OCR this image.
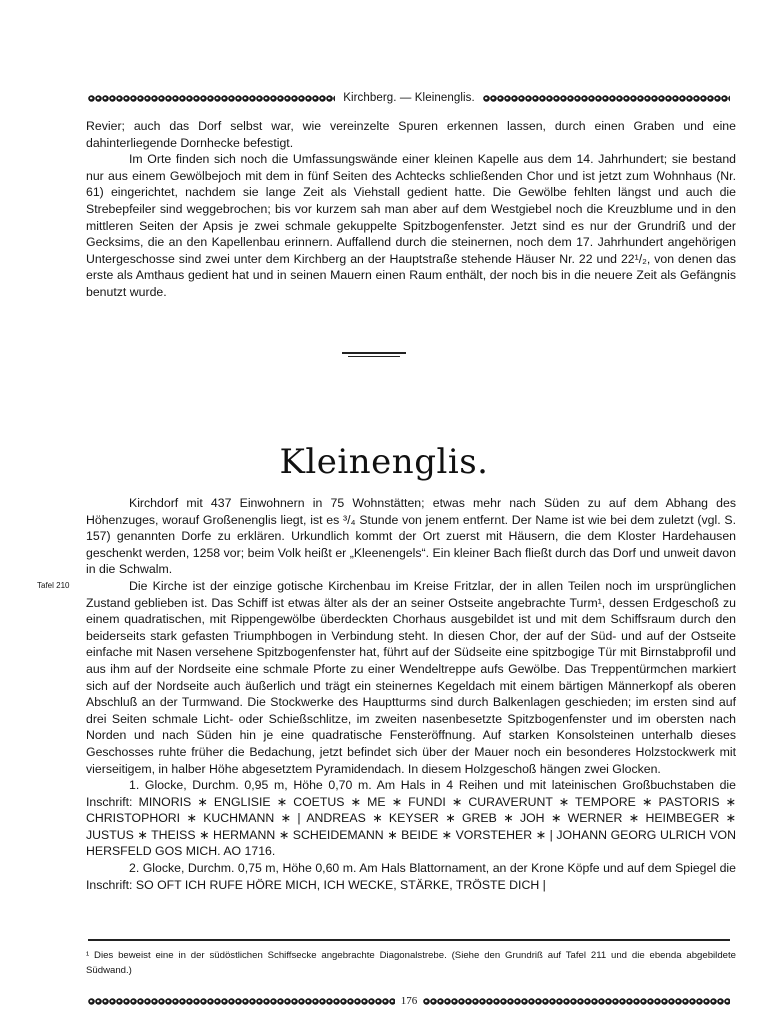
Kirchberg. — Kleinenglis.

Revier; auch das Dorf selbst war, wie vereinzelte Spuren erkennen lassen, durch einen Graben und eine dahinterliegende Dornhecke befestigt.

Im Orte finden sich noch die Umfassungswände einer kleinen Kapelle aus dem 14. Jahrhundert; sie bestand nur aus einem Gewölbejoch mit dem in fünf Seiten des Achtecks schließenden Chor und ist jetzt zum Wohnhaus (Nr. 61) eingerichtet, nachdem sie lange Zeit als Viehstall gedient hatte. Die Gewölbe fehlten längst und auch die Strebepfeiler sind weggebrochen; bis vor kurzem sah man aber auf dem Westgiebel noch die Kreuzblume und in den mittleren Seiten der Apsis je zwei schmale gekuppelte Spitzbogenfenster. Jetzt sind es nur der Grundriß und der Gecksims, die an den Kapellenbau erinnern. Auffallend durch die steinernen, noch dem 17. Jahrhundert angehörigen Untergeschosse sind zwei unter dem Kirchberg an der Hauptstraße stehende Häuser Nr. 22 und 22¹/₂, von denen das erste als Amthaus gedient hat und in seinen Mauern einen Raum enthält, der noch bis in die neuere Zeit als Gefängnis benutzt wurde.

Kleinenglis.
Tafel 210

Kirchdorf mit 437 Einwohnern in 75 Wohnstätten; etwas mehr nach Süden zu auf dem Abhang des Höhenzuges, worauf Großenenglis liegt, ist es ³/₄ Stunde von jenem entfernt. Der Name ist wie bei dem zuletzt (vgl. S. 157) genannten Dorfe zu erklären. Urkundlich kommt der Ort zuerst mit Häusern, die dem Kloster Hardehausen geschenkt werden, 1258 vor; beim Volk heißt er „Kleenengels“. Ein kleiner Bach fließt durch das Dorf und unweit davon in die Schwalm.

Die Kirche ist der einzige gotische Kirchenbau im Kreise Fritzlar, der in allen Teilen noch im ursprünglichen Zustand geblieben ist. Das Schiff ist etwas älter als der an seiner Ostseite angebrachte Turm¹, dessen Erdgeschoß zu einem quadratischen, mit Rippengewölbe überdeckten Chorhaus ausgebildet ist und mit dem Schiffsraum durch den beiderseits stark gefasten Triumphbogen in Verbindung steht. In diesen Chor, der auf der Süd- und auf der Ostseite einfache mit Nasen versehene Spitzbogenfenster hat, führt auf der Südseite eine spitzbogige Tür mit Birnstabprofil und aus ihm auf der Nordseite eine schmale Pforte zu einer Wendeltreppe aufs Gewölbe. Das Treppentürmchen markiert sich auf der Nordseite auch äußerlich und trägt ein steinernes Kegeldach mit einem bärtigen Männerkopf als oberen Abschluß an der Turmwand. Die Stockwerke des Hauptturms sind durch Balkenlagen geschieden; im ersten sind auf drei Seiten schmale Licht- oder Schießschlitze, im zweiten nasenbesetzte Spitzbogenfenster und im obersten nach Norden und nach Süden hin je eine quadratische Fensteröffnung. Auf starken Konsolsteinen unterhalb dieses Geschosses ruhte früher die Bedachung, jetzt befindet sich über der Mauer noch ein besonderes Holzstockwerk mit vierseitigem, in halber Höhe abgesetztem Pyramidendach. In diesem Holzgeschoß hängen zwei Glocken.

1. Glocke, Durchm. 0,95 m, Höhe 0,70 m. Am Hals in 4 Reihen und mit lateinischen Großbuchstaben die Inschrift: MINORIS ∗ ENGLISIE ∗ COETUS ∗ ME ∗ FUNDI ∗ CURAVERUNT ∗ TEMPORE ∗ PASTORIS ∗ CHRISTOPHORI ∗ KUCHMANN ∗ | ANDREAS ∗ KEYSER ∗ GREB ∗ JOH ∗ WERNER ∗ HEIMBEGER ∗ JUSTUS ∗ THEISS ∗ HERMANN ∗ SCHEIDEMANN ∗ BEIDE ∗ VORSTEHER ∗ | JOHANN GEORG ULRICH VON HERSFELD GOS MICH. AO 1716.

2. Glocke, Durchm. 0,75 m, Höhe 0,60 m. Am Hals Blattornament, an der Krone Köpfe und auf dem Spiegel die Inschrift: SO OFT ICH RUFE HÖRE MICH, ICH WECKE, STÄRKE, TRÖSTE DICH |

¹ Dies beweist eine in der südöstlichen Schiffsecke angebrachte Diagonalstrebe. (Siehe den Grundriß auf Tafel 211 und die ebenda abgebildete Südwand.)
176
